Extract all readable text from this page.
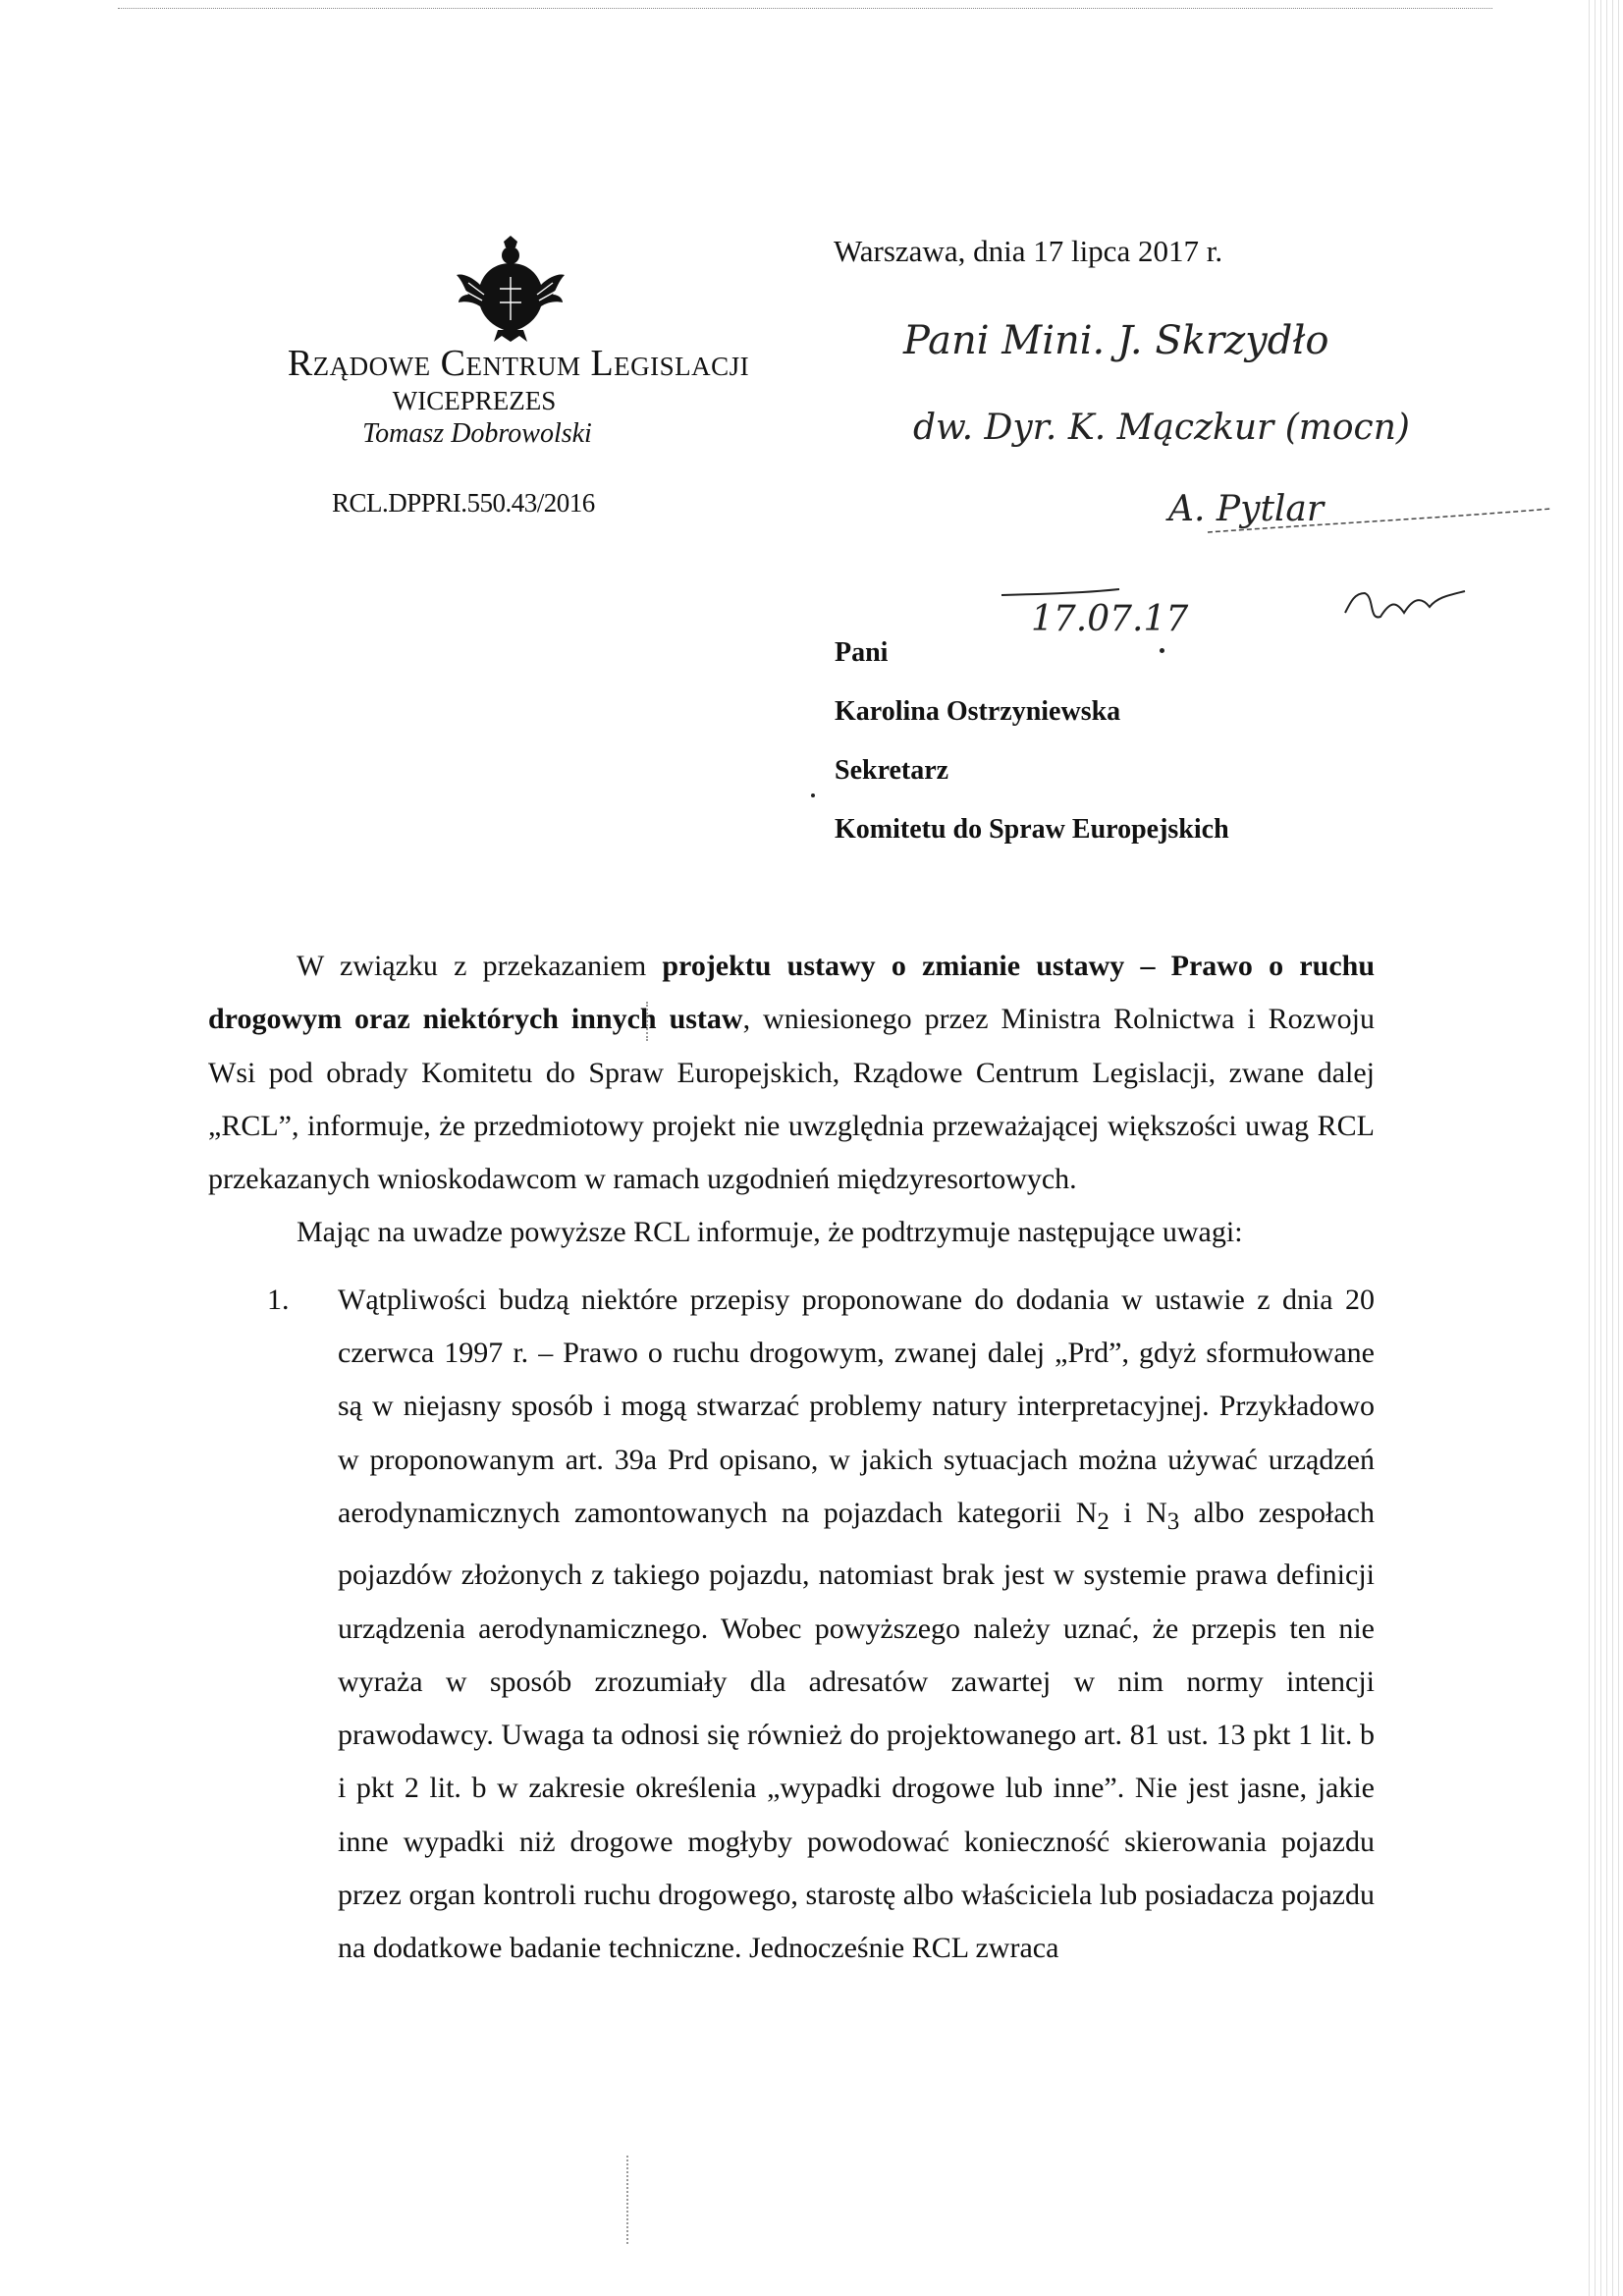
Rządowe Centrum Legislacji
WICEPREZES
Tomasz Dobrowolski
RCL.DPPRI.550.43/2016
Warszawa, dnia 17 lipca 2017 r.
Pani Mini. J. Skrzydło
dw. Dyr. K. Mączkur (mocn)
A. Pytlar
17.07.17
Pani
Karolina Ostrzyniewska
Sekretarz
Komitetu do Spraw Europejskich

W związku z przekazaniem projektu ustawy o zmianie ustawy – Prawo o ruchu drogowym oraz niektórych innych ustaw, wniesionego przez Ministra Rolnictwa i Rozwoju Wsi pod obrady Komitetu do Spraw Europejskich, Rządowe Centrum Legislacji, zwane dalej „RCL”, informuje, że przedmiotowy projekt nie uwzględnia przeważającej większości uwag RCL przekazanych wnioskodawcom w ramach uzgodnień międzyresortowych.

Mając na uwadze powyższe RCL informuje, że podtrzymuje następujące uwagi:

1.	Wątpliwości budzą niektóre przepisy proponowane do dodania w ustawie z dnia 20 czerwca 1997 r. – Prawo o ruchu drogowym, zwanej dalej „Prd”, gdyż sformułowane są w niejasny sposób i mogą stwarzać problemy natury interpretacyjnej. Przykładowo w proponowanym art. 39a Prd opisano, w jakich sytuacjach można używać urządzeń aerodynamicznych zamontowanych na pojazdach kategorii $N_2$ i $N_3$ albo zespołach pojazdów złożonych z takiego pojazdu, natomiast brak jest w systemie prawa definicji urządzenia aerodynamicznego. Wobec powyższego należy uznać, że przepis ten nie wyraża w sposób zrozumiały dla adresatów zawartej w nim normy intencji prawodawcy. Uwaga ta odnosi się również do projektowanego art. 81 ust. 13 pkt 1 lit. b i pkt 2 lit. b w zakresie określenia „wypadki drogowe lub inne”. Nie jest jasne, jakie inne wypadki niż drogowe mogłyby powodować konieczność skierowania pojazdu przez organ kontroli ruchu drogowego, starostę albo właściciela lub posiadacza pojazdu na dodatkowe badanie techniczne. Jednocześnie RCL zwraca
